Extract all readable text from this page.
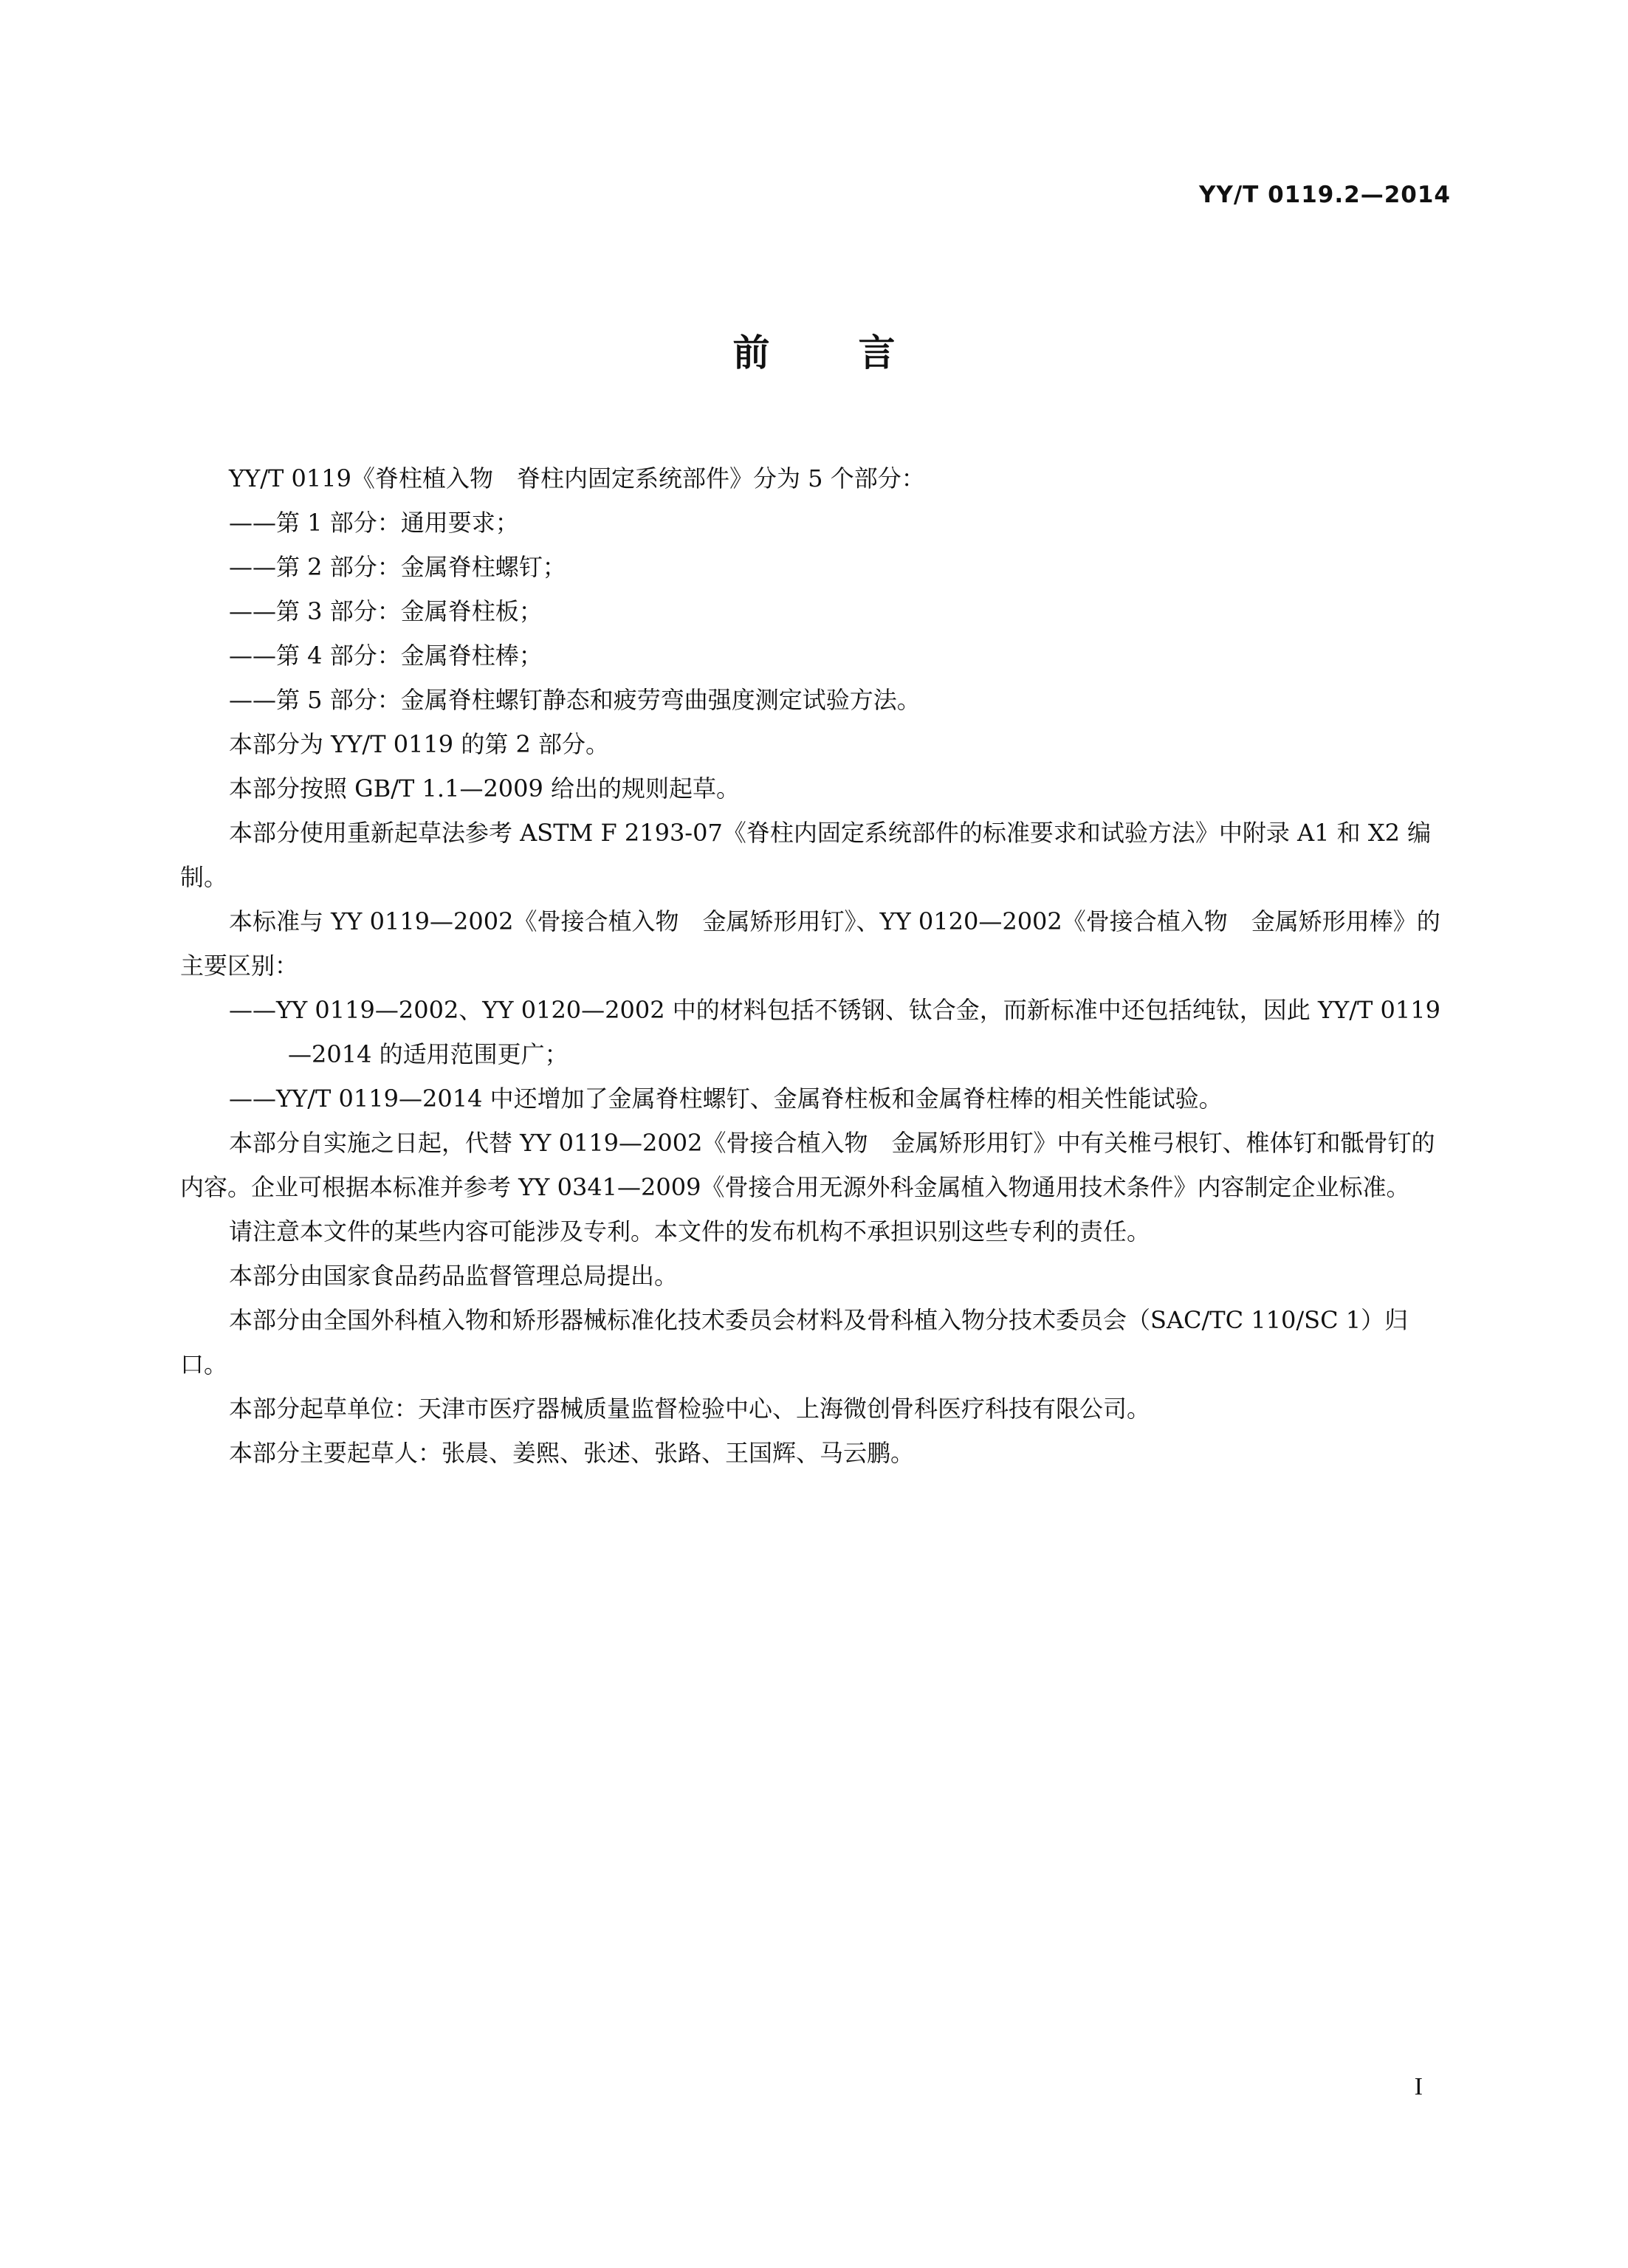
YY/T 0119.2—2014
前言

YY/T 0119《脊柱植入物　脊柱内固定系统部件》分为 5 个部分：

——第 1 部分：通用要求；

——第 2 部分：金属脊柱螺钉；

——第 3 部分：金属脊柱板；

——第 4 部分：金属脊柱棒；

——第 5 部分：金属脊柱螺钉静态和疲劳弯曲强度测定试验方法。

本部分为 YY/T 0119 的第 2 部分。

本部分按照 GB/T 1.1—2009 给出的规则起草。

本部分使用重新起草法参考 ASTM F 2193-07《脊柱内固定系统部件的标准要求和试验方法》中附录 A1 和 X2 编制。

本标准与 YY 0119—2002《骨接合植入物　金属矫形用钉》、YY 0120—2002《骨接合植入物　金属矫形用棒》的主要区别：

——YY 0119—2002、YY 0120—2002 中的材料包括不锈钢、钛合金，而新标准中还包括纯钛，因此 YY/T 0119—2014 的适用范围更广；

——YY/T 0119—2014 中还增加了金属脊柱螺钉、金属脊柱板和金属脊柱棒的相关性能试验。

本部分自实施之日起，代替 YY 0119—2002《骨接合植入物　金属矫形用钉》中有关椎弓根钉、椎体钉和骶骨钉的内容。企业可根据本标准并参考 YY 0341—2009《骨接合用无源外科金属植入物通用技术条件》内容制定企业标准。

请注意本文件的某些内容可能涉及专利。本文件的发布机构不承担识别这些专利的责任。

本部分由国家食品药品监督管理总局提出。

本部分由全国外科植入物和矫形器械标准化技术委员会材料及骨科植入物分技术委员会（SAC/TC 110/SC 1）归口。

本部分起草单位：天津市医疗器械质量监督检验中心、上海微创骨科医疗科技有限公司。

本部分主要起草人：张晨、姜熙、张述、张路、王国辉、马云鹏。

I
